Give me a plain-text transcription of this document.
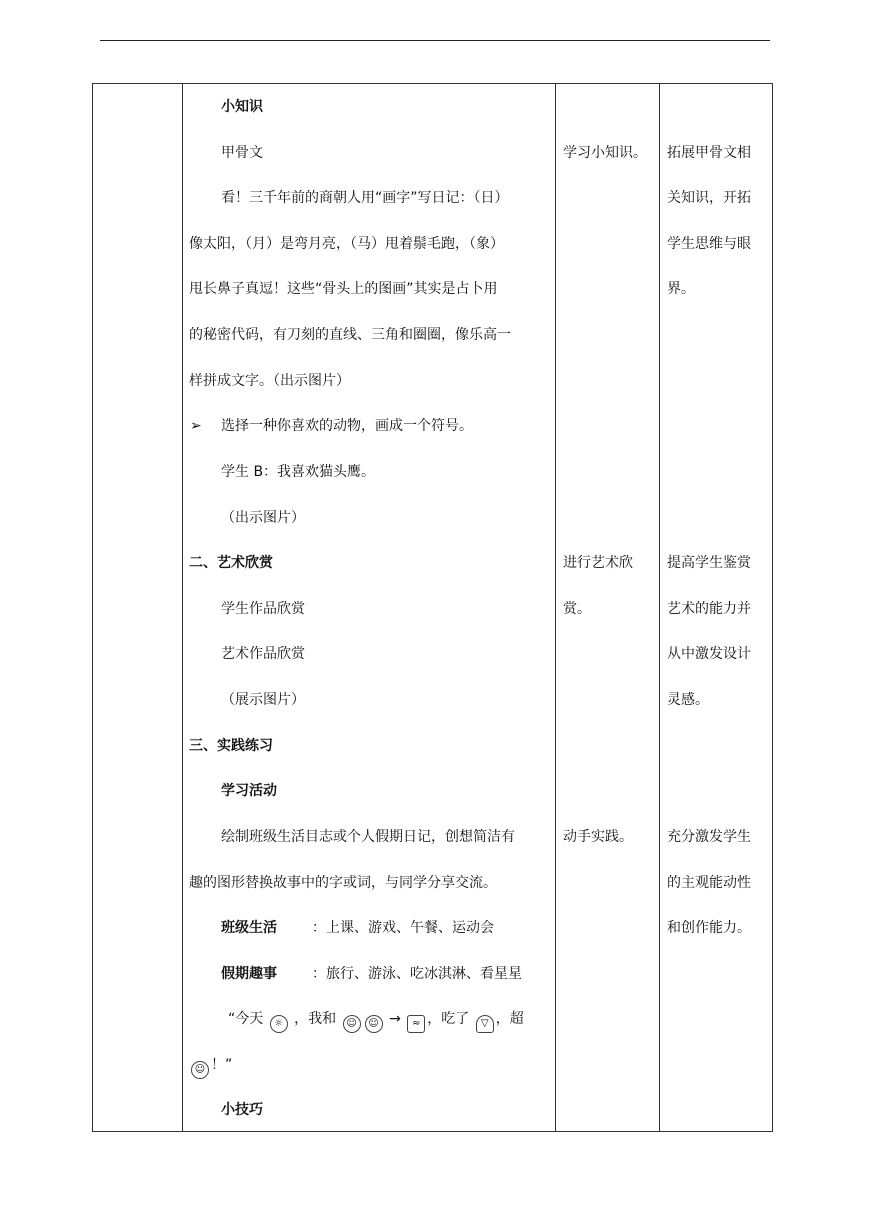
小知识
甲骨文
看！三千年前的商朝人用“画字”写日记：（日）
像太阳，（月）是弯月亮，（马）甩着鬃毛跑，（象）
甩长鼻子真逗！这些“骨头上的图画”其实是占卜用
的秘密代码，有刀刻的直线、三角和圈圈，像乐高一
样拼成文字。（出示图片）
➢ 选择一种你喜欢的动物，画成一个符号。
学生 B：我喜欢猫头鹰。
（出示图片）
二、艺术欣赏
学生作品欣赏
艺术作品欣赏
（展示图片）
三、实践练习
学习活动
绘制班级生活目志或个人假期日记，创想简洁有
趣的图形替换故事中的字或词，与同学分享交流。
班级生活	：上课、游戏、午餐、运动会
假期趣事	：旅行、游泳、吃冰淇淋、看星星
“今天 ☼ ，我和 ☺ ☺ → ≈ ，吃了 ▽ ，超
☺ ！”
小技巧
学习小知识。
进行艺术欣
赏。
动手实践。
拓展甲骨文相
关知识，开拓
学生思维与眼
界。
提高学生鉴赏
艺术的能力并
从中激发设计
灵感。
充分激发学生
的主观能动性
和创作能力。
